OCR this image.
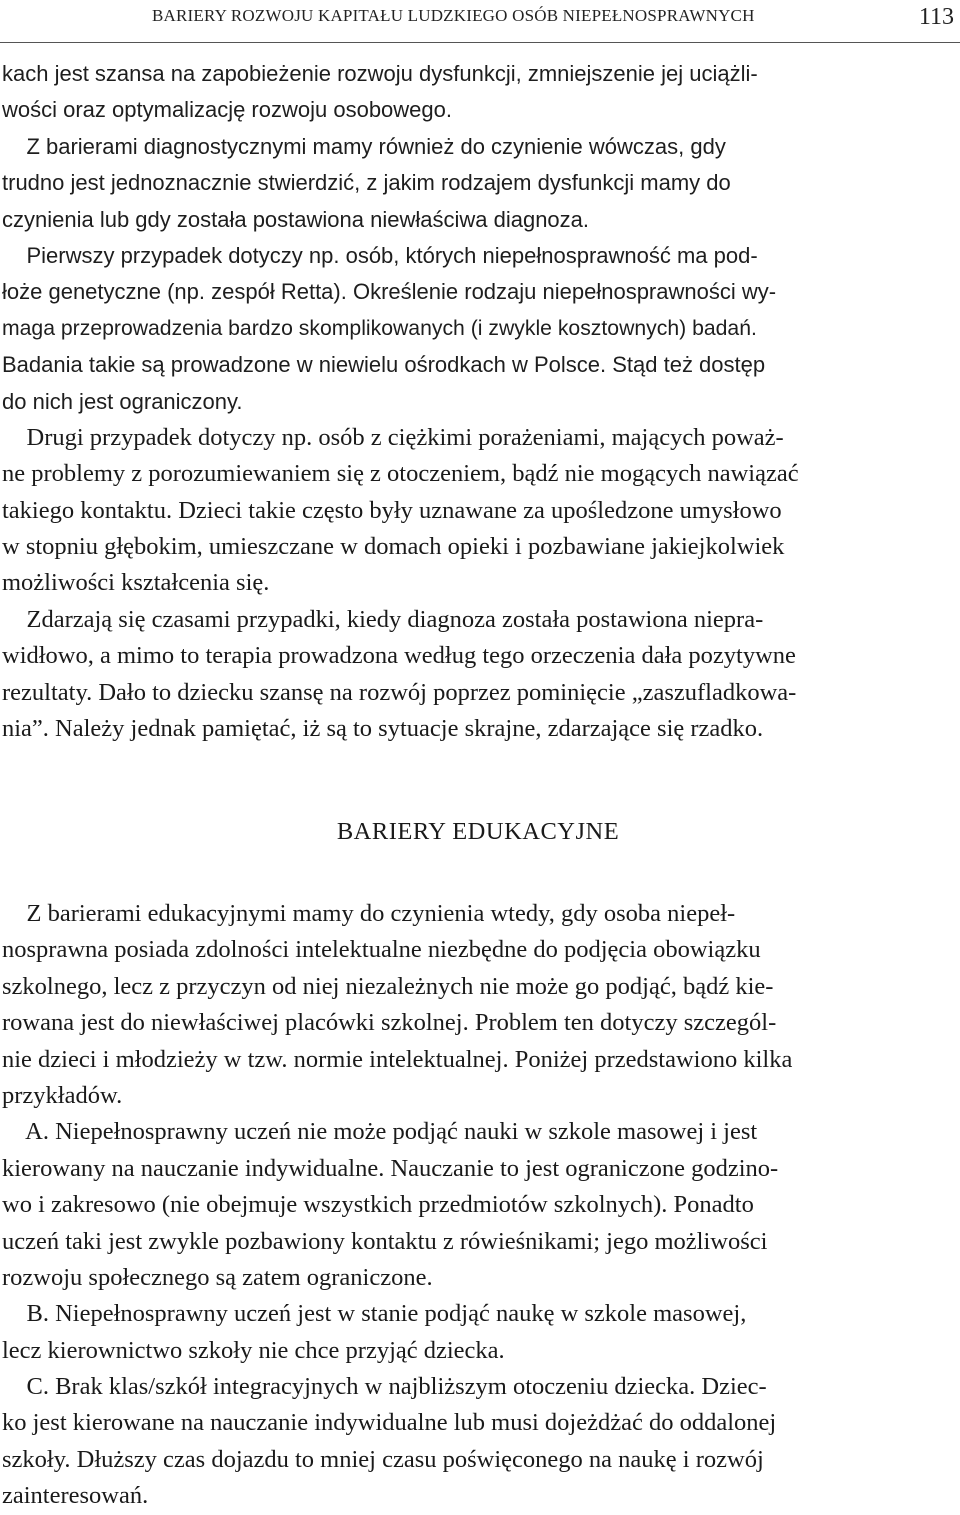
BARIERY ROZWOJU KAPITAŁU LUDZKIEGO OSÓB NIEPEŁNOSPRAWNYCH	113
kach jest szansa na zapobieżenie rozwoju dysfunkcji, zmniejszenie jej uciążli-
wości oraz optymalizację rozwoju osobowego.
Z barierami diagnostycznymi mamy również do czynienie wówczas, gdy
trudno jest jednoznacznie stwierdzić, z jakim rodzajem dysfunkcji mamy do
czynienia lub gdy została postawiona niewłaściwa diagnoza.
Pierwszy przypadek dotyczy np. osób, których niepełnosprawność ma pod-
łoże genetyczne (np. zespół Retta). Określenie rodzaju niepełnosprawności wy-
maga przeprowadzenia bardzo skomplikowanych (i zwykle kosztownych) badań.
Badania takie są prowadzone w niewielu ośrodkach w Polsce. Stąd też dostęp
do nich jest ograniczony.
Drugi przypadek dotyczy np. osób z ciężkimi porażeniami, mających poważ-
ne problemy z porozumiewaniem się z otoczeniem, bądź nie mogących nawiązać
takiego kontaktu. Dzieci takie często były uznawane za upośledzone umysłowo
w stopniu głębokim, umieszczane w domach opieki i pozbawiane jakiejkolwiek
możliwości kształcenia się.
Zdarzają się czasami przypadki, kiedy diagnoza została postawiona niepra-
widłowo, a mimo to terapia prowadzona według tego orzeczenia dała pozytywne
rezultaty. Dało to dziecku szansę na rozwój poprzez pominięcie „zaszufladkowa-
nia”. Należy jednak pamiętać, iż są to sytuacje skrajne, zdarzające się rzadko.
BARIERY EDUKACYJNE
Z barierami edukacyjnymi mamy do czynienia wtedy, gdy osoba niepeł-
nosprawna posiada zdolności intelektualne niezbędne do podjęcia obowiązku
szkolnego, lecz z przyczyn od niej niezależnych nie może go podjąć, bądź kie-
rowana jest do niewłaściwej placówki szkolnej. Problem ten dotyczy szczegól-
nie dzieci i młodzieży w tzw. normie intelektualnej. Poniżej przedstawiono kilka
przykładów.
A. Niepełnosprawny uczeń nie może podjąć nauki w szkole masowej i jest
kierowany na nauczanie indywidualne. Nauczanie to jest ograniczone godzino-
wo i zakresowo (nie obejmuje wszystkich przedmiotów szkolnych). Ponadto
uczeń taki jest zwykle pozbawiony kontaktu z rówieśnikami; jego możliwości
rozwoju społecznego są zatem ograniczone.
B. Niepełnosprawny uczeń jest w stanie podjąć naukę w szkole masowej,
lecz kierownictwo szkoły nie chce przyjąć dziecka.
C. Brak klas/szkół integracyjnych w najbliższym otoczeniu dziecka. Dziec-
ko jest kierowane na nauczanie indywidualne lub musi dojeżdżać do oddalonej
szkoły. Dłuższy czas dojazdu to mniej czasu poświęconego na naukę i rozwój
zainteresowań.
